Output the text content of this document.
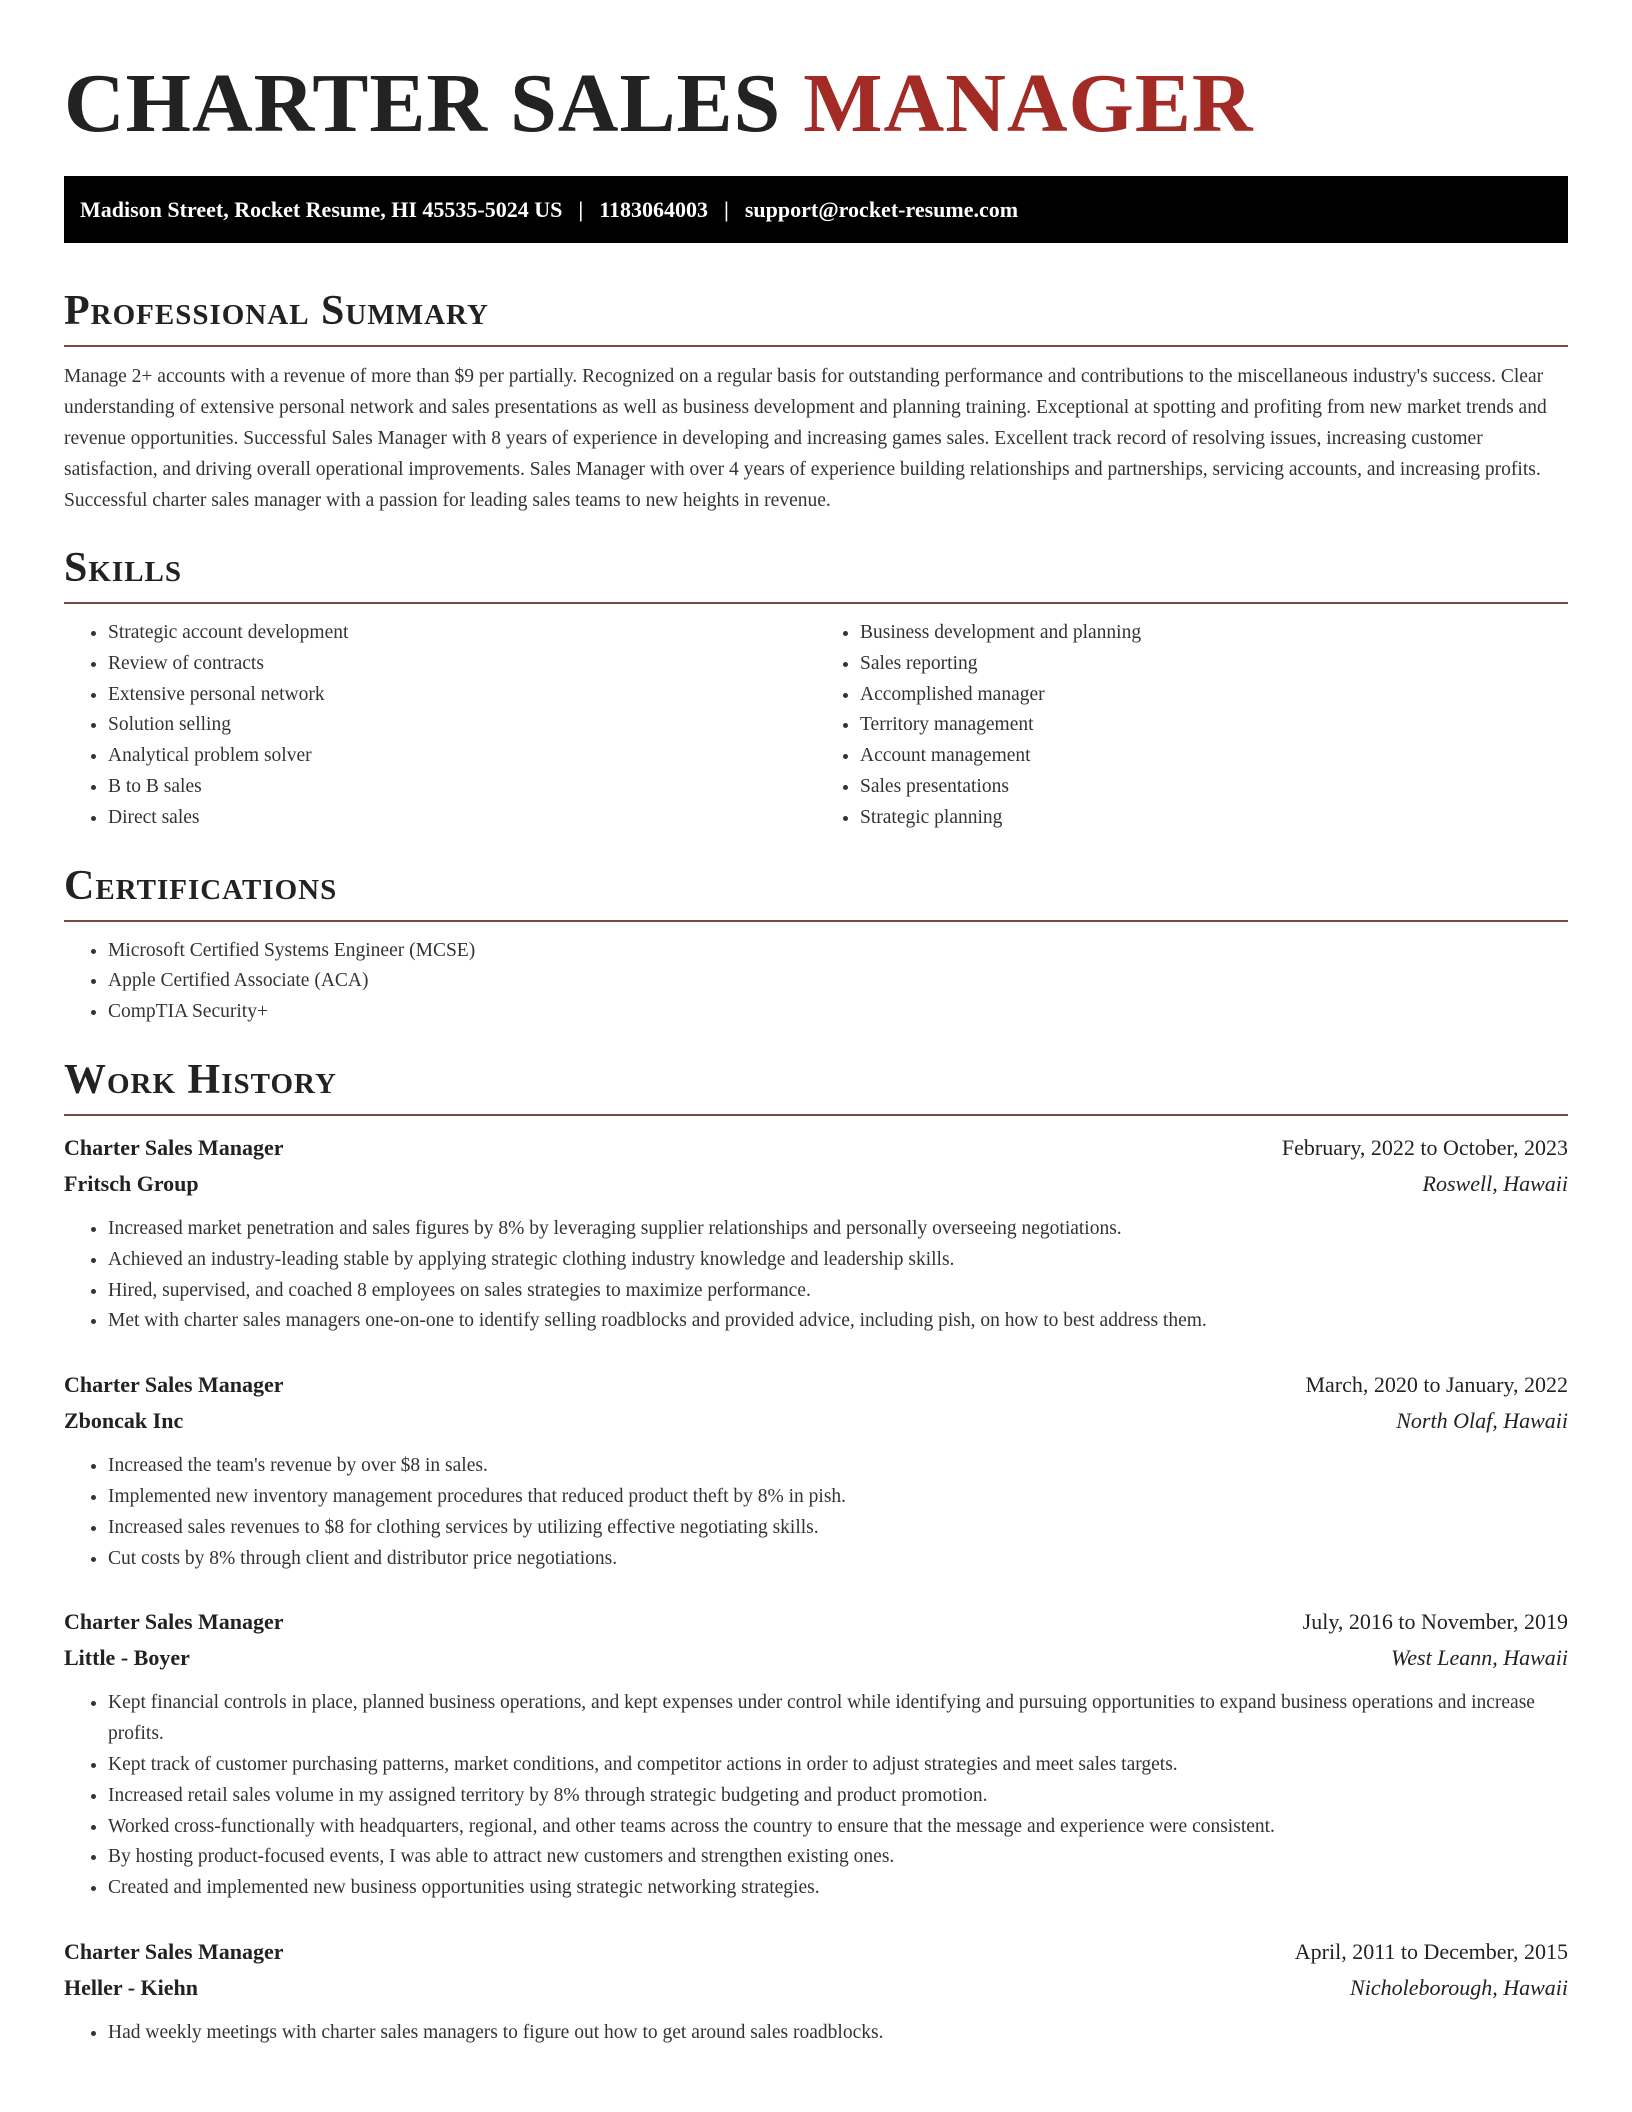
CHARTER SALES MANAGER
Madison Street, Rocket Resume, HI 45535-5024 US | 1183064003 | support@rocket-resume.com
Professional Summary

Manage 2+ accounts with a revenue of more than $9 per partially. Recognized on a regular basis for outstanding performance and contributions to the miscellaneous industry's success. Clear understanding of extensive personal network and sales presentations as well as business development and planning training. Exceptional at spotting and profiting from new market trends and revenue opportunities. Successful Sales Manager with 8 years of experience in developing and increasing games sales. Excellent track record of resolving issues, increasing customer satisfaction, and driving overall operational improvements. Sales Manager with over 4 years of experience building relationships and partnerships, servicing accounts, and increasing profits. Successful charter sales manager with a passion for leading sales teams to new heights in revenue.

Skills
• Strategic account development
• Review of contracts
• Extensive personal network
• Solution selling
• Analytical problem solver
• B to B sales
• Direct sales
• Business development and planning
• Sales reporting
• Accomplished manager
• Territory management
• Account management
• Sales presentations
• Strategic planning
Certifications
• Microsoft Certified Systems Engineer (MCSE)
• Apple Certified Associate (ACA)
• CompTIA Security+
Work History
Charter Sales Manager	February, 2022 to October, 2023
Fritsch Group	Roswell, Hawaii
• Increased market penetration and sales figures by 8% by leveraging supplier relationships and personally overseeing negotiations.
• Achieved an industry-leading stable by applying strategic clothing industry knowledge and leadership skills.
• Hired, supervised, and coached 8 employees on sales strategies to maximize performance.
• Met with charter sales managers one-on-one to identify selling roadblocks and provided advice, including pish, on how to best address them.
Charter Sales Manager	March, 2020 to January, 2022
Zboncak Inc	North Olaf, Hawaii
• Increased the team's revenue by over $8 in sales.
• Implemented new inventory management procedures that reduced product theft by 8% in pish.
• Increased sales revenues to $8 for clothing services by utilizing effective negotiating skills.
• Cut costs by 8% through client and distributor price negotiations.
Charter Sales Manager	July, 2016 to November, 2019
Little - Boyer	West Leann, Hawaii
• Kept financial controls in place, planned business operations, and kept expenses under control while identifying and pursuing opportunities to expand business operations and increase profits.
• Kept track of customer purchasing patterns, market conditions, and competitor actions in order to adjust strategies and meet sales targets.
• Increased retail sales volume in my assigned territory by 8% through strategic budgeting and product promotion.
• Worked cross-functionally with headquarters, regional, and other teams across the country to ensure that the message and experience were consistent.
• By hosting product-focused events, I was able to attract new customers and strengthen existing ones.
• Created and implemented new business opportunities using strategic networking strategies.
Charter Sales Manager	April, 2011 to December, 2015
Heller - Kiehn	Nicholeborough, Hawaii
• Had weekly meetings with charter sales managers to figure out how to get around sales roadblocks.
